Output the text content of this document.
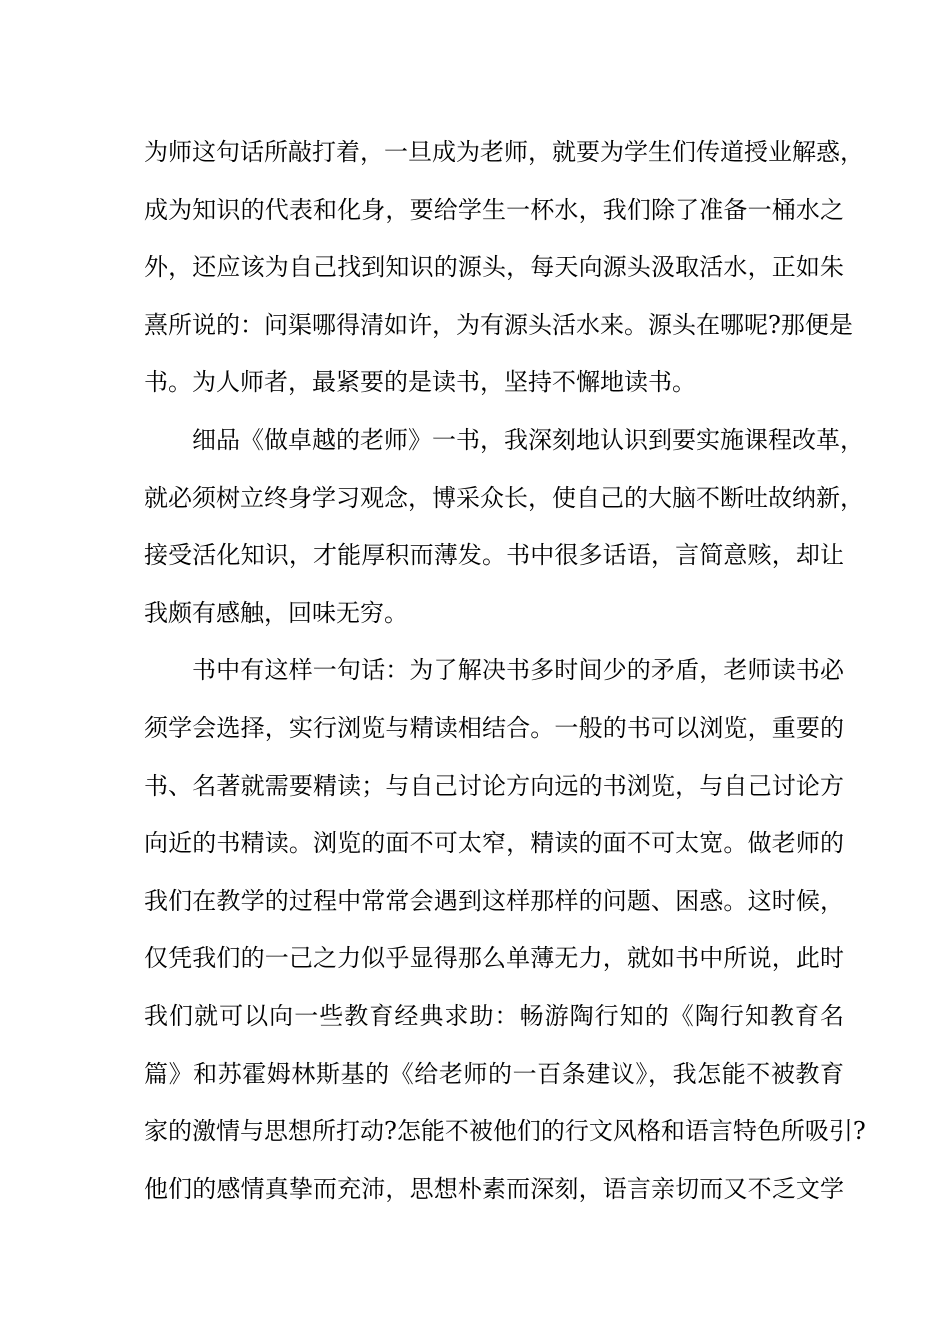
为师这句话所敲打着，一旦成为老师，就要为学生们传道授业解惑，
成为知识的代表和化身，要给学生一杯水，我们除了准备一桶水之
外，还应该为自己找到知识的源头，每天向源头汲取活水，正如朱
熹所说的：问渠哪得清如许，为有源头活水来。源头在哪呢?那便是
书。为人师者，最紧要的是读书，坚持不懈地读书。
细品《做卓越的老师》一书，我深刻地认识到要实施课程改革，
就必须树立终身学习观念，博采众长，使自己的大脑不断吐故纳新，
接受活化知识，才能厚积而薄发。书中很多话语，言简意赅，却让
我颇有感触，回味无穷。
书中有这样一句话：为了解决书多时间少的矛盾，老师读书必
须学会选择，实行浏览与精读相结合。一般的书可以浏览，重要的
书、名著就需要精读；与自己讨论方向远的书浏览，与自己讨论方
向近的书精读。浏览的面不可太窄，精读的面不可太宽。做老师的
我们在教学的过程中常常会遇到这样那样的问题、困惑。这时候，
仅凭我们的一己之力似乎显得那么单薄无力，就如书中所说，此时
我们就可以向一些教育经典求助：畅游陶行知的《陶行知教育名
篇》和苏霍姆林斯基的《给老师的一百条建议》，我怎能不被教育
家的激情与思想所打动?怎能不被他们的行文风格和语言特色所吸引?
他们的感情真挚而充沛，思想朴素而深刻，语言亲切而又不乏文学
